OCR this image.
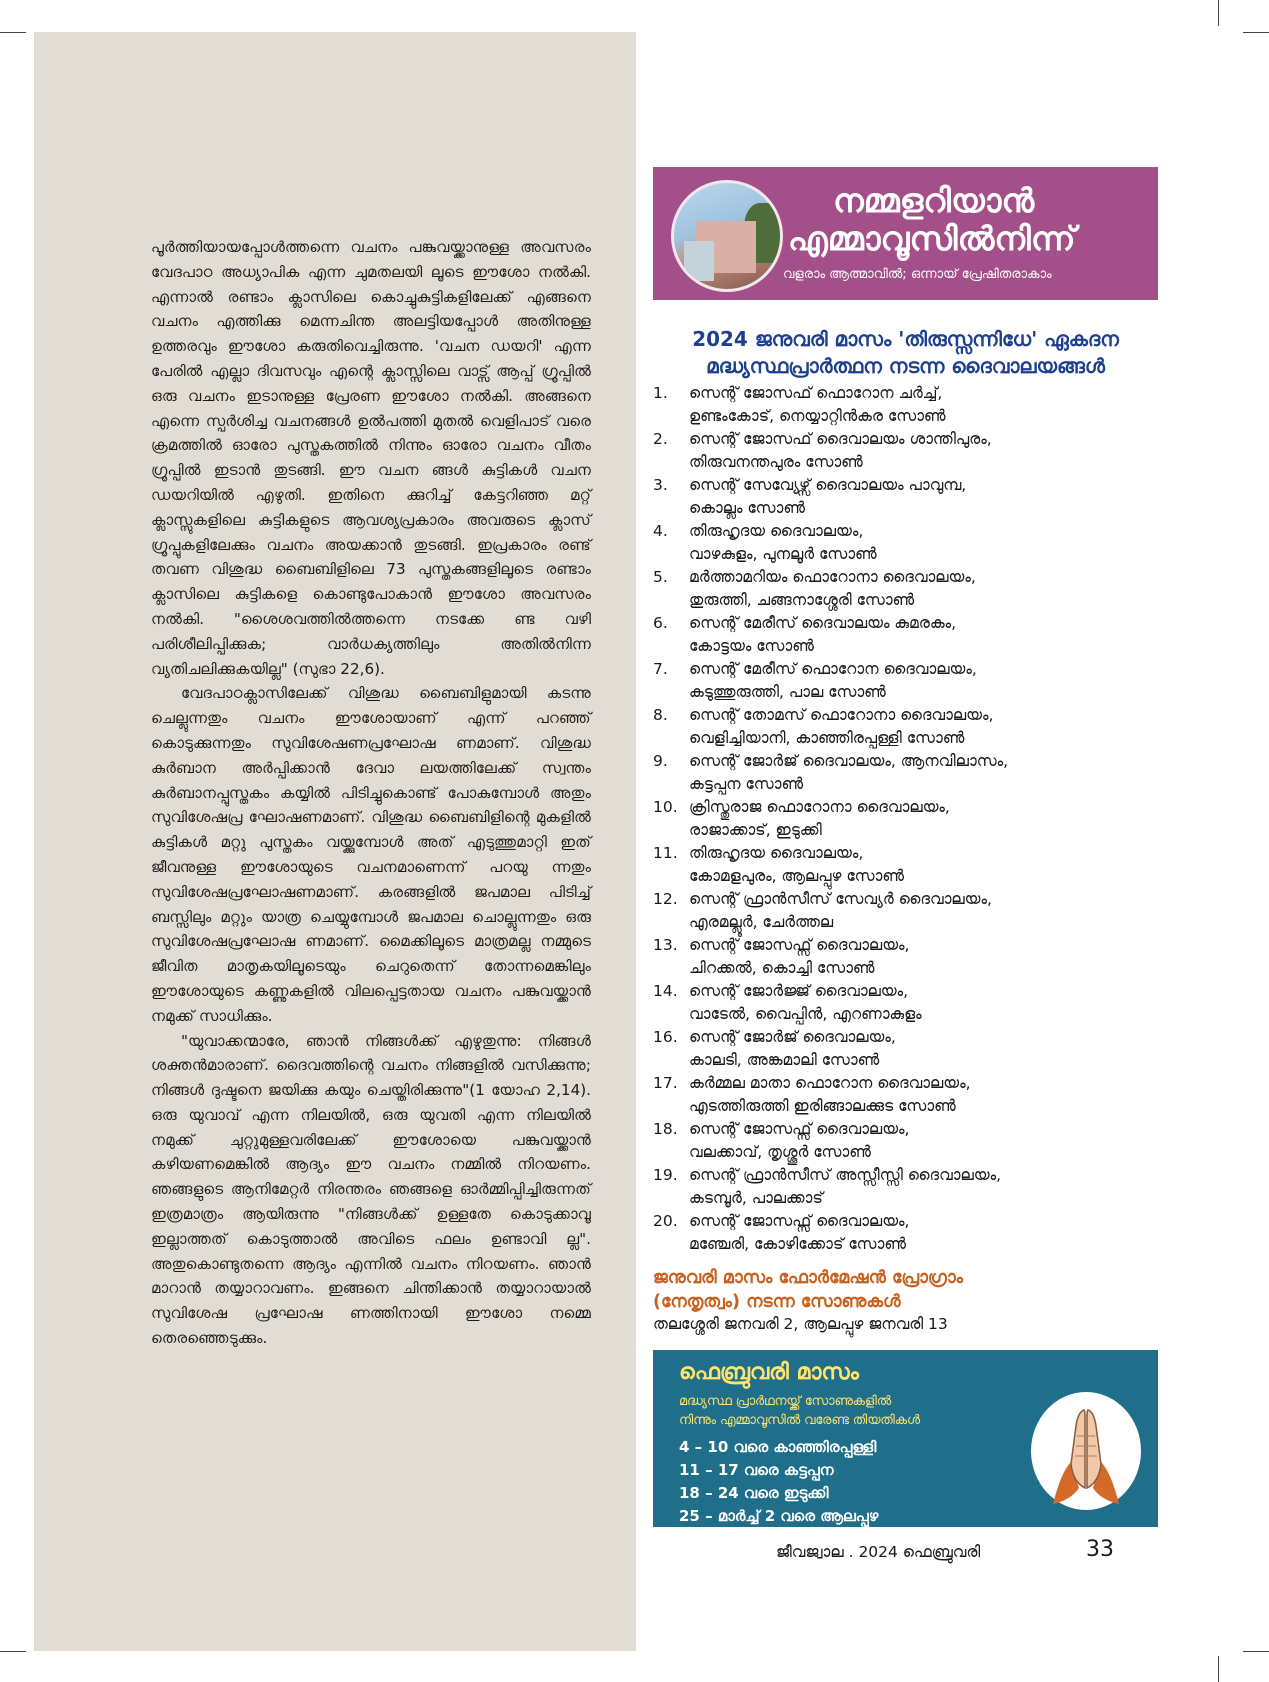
പൂർത്തിയായപ്പോൾത്തന്നെ വചനം പങ്കുവയ്ക്കാനുള്ള അവസരം വേദപാഠ അധ്യാപിക എന്ന ചുമതലയി ലൂടെ ഈശോ നൽകി. എന്നാൽ രണ്ടാം ക്ലാസിലെ കൊച്ചുകുട്ടികളിലേക്ക് എങ്ങനെ വചനം എത്തിക്കു മെന്നചിന്ത അലട്ടിയപ്പോൾ അതിനുള്ള ഉത്തരവും ഈശോ കരുതിവെച്ചിരുന്നു. 'വചന ഡയറി' എന്ന പേരിൽ എല്ലാ ദിവസവും എന്റെ ക്ലാസ്സിലെ വാട്സ് ആപ്പ് ഗ്രൂപ്പിൽ ഒരു വചനം ഇടാനുള്ള പ്രേരണ ഈശോ നൽകി. അങ്ങനെ എന്നെ സ്പർശിച്ച വചനങ്ങൾ ഉൽപത്തി മുതൽ വെളിപാട് വരെ ക്രമത്തിൽ ഓരോ പുസ്തകത്തിൽ നിന്നും ഓരോ വചനം വീതം ഗ്രൂപ്പിൽ ഇടാൻ തുടങ്ങി. ഈ വചന ങ്ങൾ കുട്ടികൾ വചന ഡയറിയിൽ എഴുതി. ഇതിനെ ക്കുറിച്ച് കേട്ടറിഞ്ഞ മറ്റ് ക്ലാസ്സുകളിലെ കുട്ടികളുടെ ആവശ്യപ്രകാരം അവരുടെ ക്ലാസ് ഗ്രൂപ്പുകളിലേക്കും വചനം അയക്കാൻ തുടങ്ങി. ഇപ്രകാരം രണ്ട് തവണ വിശുദ്ധ ബൈബിളിലെ 73 പുസ്തകങ്ങളിലൂടെ രണ്ടാം ക്ലാസിലെ കുട്ടികളെ കൊണ്ടുപോകാൻ ഈശോ അവസരം നൽകി. "ശൈശവത്തിൽത്തന്നെ നടക്കേ ണ്ട വഴി പരിശീലിപ്പിക്കുക; വാർധക്യത്തിലും അതിൽനിന്ന വ്യതിചലിക്കുകയില്ല" (സുഭാ 22,6).

വേദപാഠക്ലാസിലേക്ക് വിശുദ്ധ ബൈബിളുമായി കടന്നു ചെല്ലുന്നതും വചനം ഈശോയാണ് എന്ന് പറഞ്ഞ് കൊടുക്കുന്നതും സുവിശേഷണപ്രഘോഷ ണമാണ്. വിശുദ്ധ കുർബാന അർപ്പിക്കാൻ ദേവാ ലയത്തിലേക്ക് സ്വന്തം കുർബാനപ്പുസ്തകം കയ്യിൽ പിടിച്ചുകൊണ്ട് പോകുമ്പോൾ അതും സുവിശേഷപ്ര ഘോഷണമാണ്. വിശുദ്ധ ബൈബിളിന്റെ മുകളിൽ കുട്ടികൾ മറ്റു പുസ്തകം വയ്ക്കുമ്പോൾ അത് എടുത്തുമാറ്റി ഇത് ജീവനുള്ള ഈശോയുടെ വചനമാണെന്ന് പറയു ന്നതും സുവിശേഷപ്രഘോഷണമാണ്. കരങ്ങളിൽ ജപമാല പിടിച്ച് ബസ്സിലും മറ്റും യാത്ര ചെയ്യുമ്പോൾ ജപമാല ചൊല്ലുന്നതും ഒരു സുവിശേഷപ്രഘോഷ ണമാണ്. മൈക്കിലൂടെ മാത്രമല്ല നമ്മുടെ ജീവിത മാതൃകയിലൂടെയും ചെറുതെന്ന് തോന്നമെങ്കിലും ഈശോയുടെ കണ്ണുകളിൽ വിലപ്പെട്ടതായ വചനം പങ്കുവയ്ക്കാൻ നമുക്ക് സാധിക്കും.

"യുവാക്കന്മാരേ, ഞാൻ നിങ്ങൾക്ക് എഴുതുന്നു: നിങ്ങൾ ശക്തൻമാരാണ്. ദൈവത്തിന്റെ വചനം നിങ്ങളിൽ വസിക്കുന്നു; നിങ്ങൾ ദുഷ്ടനെ ജയിക്കു കയും ചെയ്തിരിക്കുന്നു"(1 യോഹ 2,14). ഒരു യുവാവ് എന്ന നിലയിൽ, ഒരു യുവതി എന്ന നിലയിൽ നമുക്ക് ചുറ്റുമുള്ളവരിലേക്ക് ഈശോയെ പങ്കുവയ്ക്കാൻ കഴിയണമെങ്കിൽ ആദ്യം ഈ വചനം നമ്മിൽ നിറയണം. ഞങ്ങളുടെ ആനിമേറ്റർ നിരന്തരം ഞങ്ങളെ ഓർമ്മിപ്പിച്ചിരുന്നത് ഇത്രമാത്രം ആയിരുന്നു "നിങ്ങൾക്ക് ഉള്ളതേ കൊടുക്കാവൂ ഇല്ലാത്തത് കൊടുത്താൽ അവിടെ ഫലം ഉണ്ടാവി ല്ല". അതുകൊണ്ടുതന്നെ ആദ്യം എന്നിൽ വചനം നിറയണം. ഞാൻ മാറാൻ തയ്യാറാവണം. ഇങ്ങനെ ചിന്തിക്കാൻ തയ്യാറായാൽ സുവിശേഷ പ്രഘോഷ ണത്തിനായി ഈശോ നമ്മെ തെരഞ്ഞെടുക്കും.

നമ്മളറിയാൻ
എമ്മാവൂസിൽനിന്ന്
വളരാം ആത്മാവിൽ; ഒന്നായ് പ്രേഷിതരാകാം
2024 ജനുവരി മാസം 'തിരുസ്സന്നിധേ' ഏകദന
മദ്ധ്യസ്ഥപ്രാർത്ഥന നടന്ന ദൈവാലയങ്ങൾ
1. സെന്റ് ജോസഫ് ഫൊറോന ചർച്ച്,
ഉണ്ടംകോട്, നെയ്യാറ്റിൻകര സോൺ
2. സെന്റ് ജോസഫ് ദൈവാലയം ശാന്തിപുരം,
തിരുവനന്തപുരം സോൺ
3. സെന്റ് സേവ്യേഴ്സ് ദൈവാലയം പാവുമ്പ,
കൊല്ലം സോൺ
4. തിരുഹൃദയ ദൈവാലയം,
വാഴകുളം, പുനലൂർ സോൺ
5. മർത്താമറിയം ഫൊറോനാ ദൈവാലയം,
തുരുത്തി, ചങ്ങനാശ്ശേരി സോൺ
6. സെന്റ് മേരീസ് ദൈവാലയം കുമരകം,
കോട്ടയം സോൺ
7. സെന്റ് മേരീസ് ഫൊറോന ദൈവാലയം,
കടുത്തുരുത്തി, പാല സോൺ
8. സെന്റ് തോമസ് ഫൊറോനാ ദൈവാലയം,
വെളിച്ചിയാനി, കാഞ്ഞിരപ്പള്ളി സോൺ
9. സെന്റ് ജോർജ് ദൈവാലയം, ആനവിലാസം,
കട്ടപ്പന സോൺ
10. ക്രിസ്തുരാജ ഫൊറോനാ ദൈവാലയം,
രാജാക്കാട്, ഇടുക്കി
11. തിരുഹൃദയ ദൈവാലയം,
കോമളപുരം, ആലപ്പുഴ സോൺ
12. സെന്റ് ഫ്രാൻസീസ് സേവ്യർ ദൈവാലയം,
എരമല്ലൂർ, ചേർത്തല
13. സെന്റ് ജോസഫ്സ് ദൈവാലയം,
ചിറക്കൽ, കൊച്ചി സോൺ
14. സെന്റ് ജോർജ്ജ് ദൈവാലയം,
വാടേൽ, വൈപ്പിൻ, എറണാകുളം
16. സെന്റ് ജോർജ് ദൈവാലയം,
കാലടി, അങ്കമാലി സോൺ
17. കർമ്മല മാതാ ഫൊറോന ദൈവാലയം,
എടത്തിരുത്തി ഇരിങ്ങാലക്കുട സോൺ
18. സെന്റ് ജോസഫ്സ് ദൈവാലയം,
വലക്കാവ്, തൃശ്ശൂർ സോൺ
19. സെന്റ് ഫ്രാൻസീസ് അസ്സീസ്സി ദൈവാലയം,
കടമ്പൂർ, പാലക്കാട്
20. സെന്റ് ജോസഫ്സ് ദൈവാലയം,
മഞ്ചേരി, കോഴിക്കോട് സോൺ
ജനുവരി മാസം ഫോർമേഷൻ പ്രോഗ്രാം
(നേതൃത്വം) നടന്ന സോണുകൾ
തലശ്ശേരി ജനവരി 2, ആലപ്പുഴ ജനവരി 13
ഫെബ്രുവരി മാസം
മദ്ധ്യസ്ഥ പ്രാർഥനയ്ക്ക് സോണുകളിൽ
നിന്നും എമ്മാവൂസിൽ വരേണ്ട തിയതികൾ
4 – 10 വരെ കാഞ്ഞിരപ്പള്ളി
11 – 17 വരെ കട്ടപ്പന
18 – 24 വരെ ഇടുക്കി
25 – മാർച്ച് 2 വരെ ആലപ്പുഴ
ജീവജ്വാല . 2024 ഫെബ്രുവരി	33
